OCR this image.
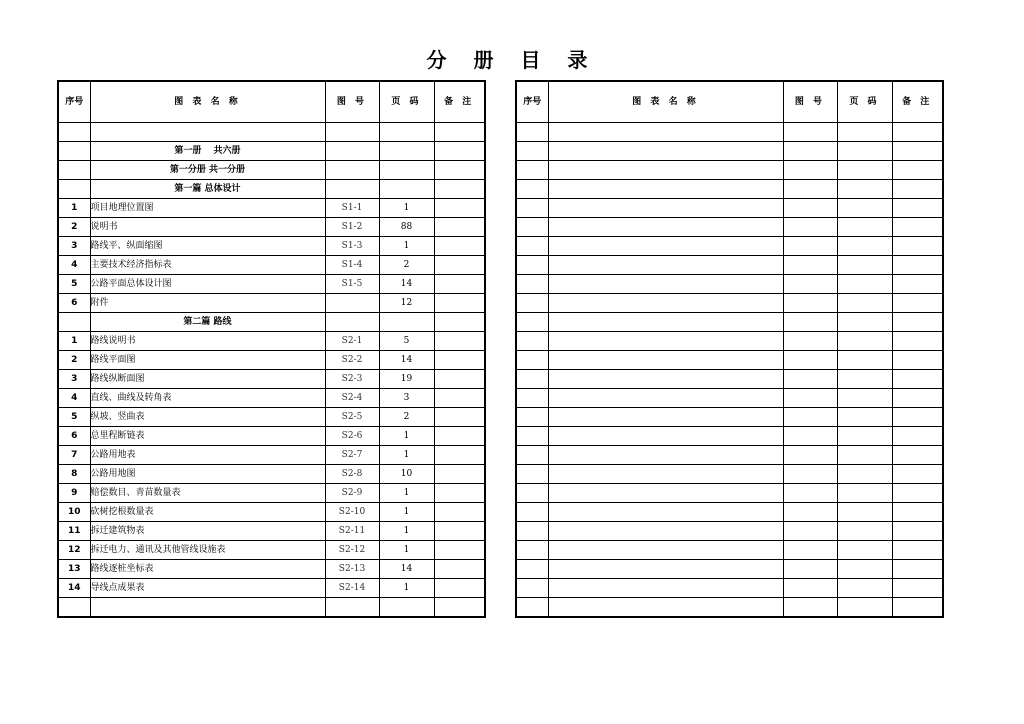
分 册 目 录
序号	图 表 名 称	图 号	页 码	备 注

	第一册　 共六册			
	第一分册 共一分册			
	第一篇 总体设计			
1	项目地理位置图	S1-1	1	
2	说明书	S1-2	88	
3	路线平、纵面缩图	S1-3	1	
4	主要技术经济指标表	S1-4	2	
5	公路平面总体设计图	S1-5	14	
6	附件		12	
	第二篇 路线			
1	路线说明书	S2-1	5	
2	路线平面图	S2-2	14	
3	路线纵断面图	S2-3	19	
4	直线、曲线及转角表	S2-4	3	
5	纵坡、竖曲表	S2-5	2	
6	总里程断链表	S2-6	1	
7	公路用地表	S2-7	1	
8	公路用地图	S2-8	10	
9	赔偿数目、青苗数量表	S2-9	1	
10	砍树挖根数量表	S2-10	1	
11	拆迁建筑物表	S2-11	1	
12	拆迁电力、通讯及其他管线设施表	S2-12	1	
13	路线逐桩坐标表	S2-13	14	
14	导线点成果表	S2-14	1	

序号	图 表 名 称	图 号	页 码	备 注
